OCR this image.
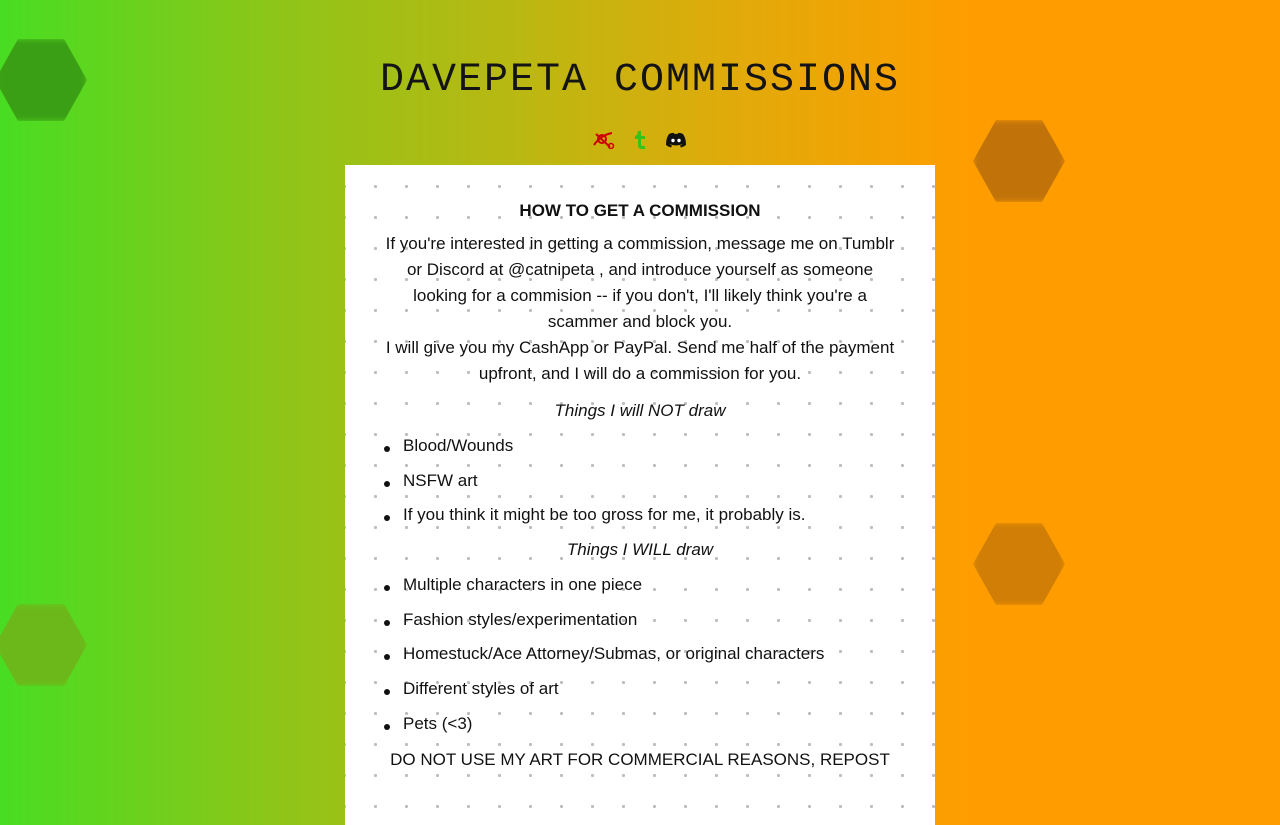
DAVEPETA COMMISSIONS
HOW TO GET A COMMISSION

If you're interested in getting a commission, message me on Tumblr or Discord at @catnipeta , and introduce yourself as someone looking for a commision -- if you don't, I'll likely think you're a scammer and block you.
I will give you my CashApp or PayPal. Send me half of the payment upfront, and I will do a commission for you.

Things I will NOT draw

Blood/Wounds
NSFW art
If you think it might be too gross for me, it probably is.

Things I WILL draw

Multiple characters in one piece
Fashion styles/experimentation
Homestuck/Ace Attorney/Submas, or original characters
Different styles of art
Pets (<3)

DO NOT USE MY ART FOR COMMERCIAL REASONS, REPOST
